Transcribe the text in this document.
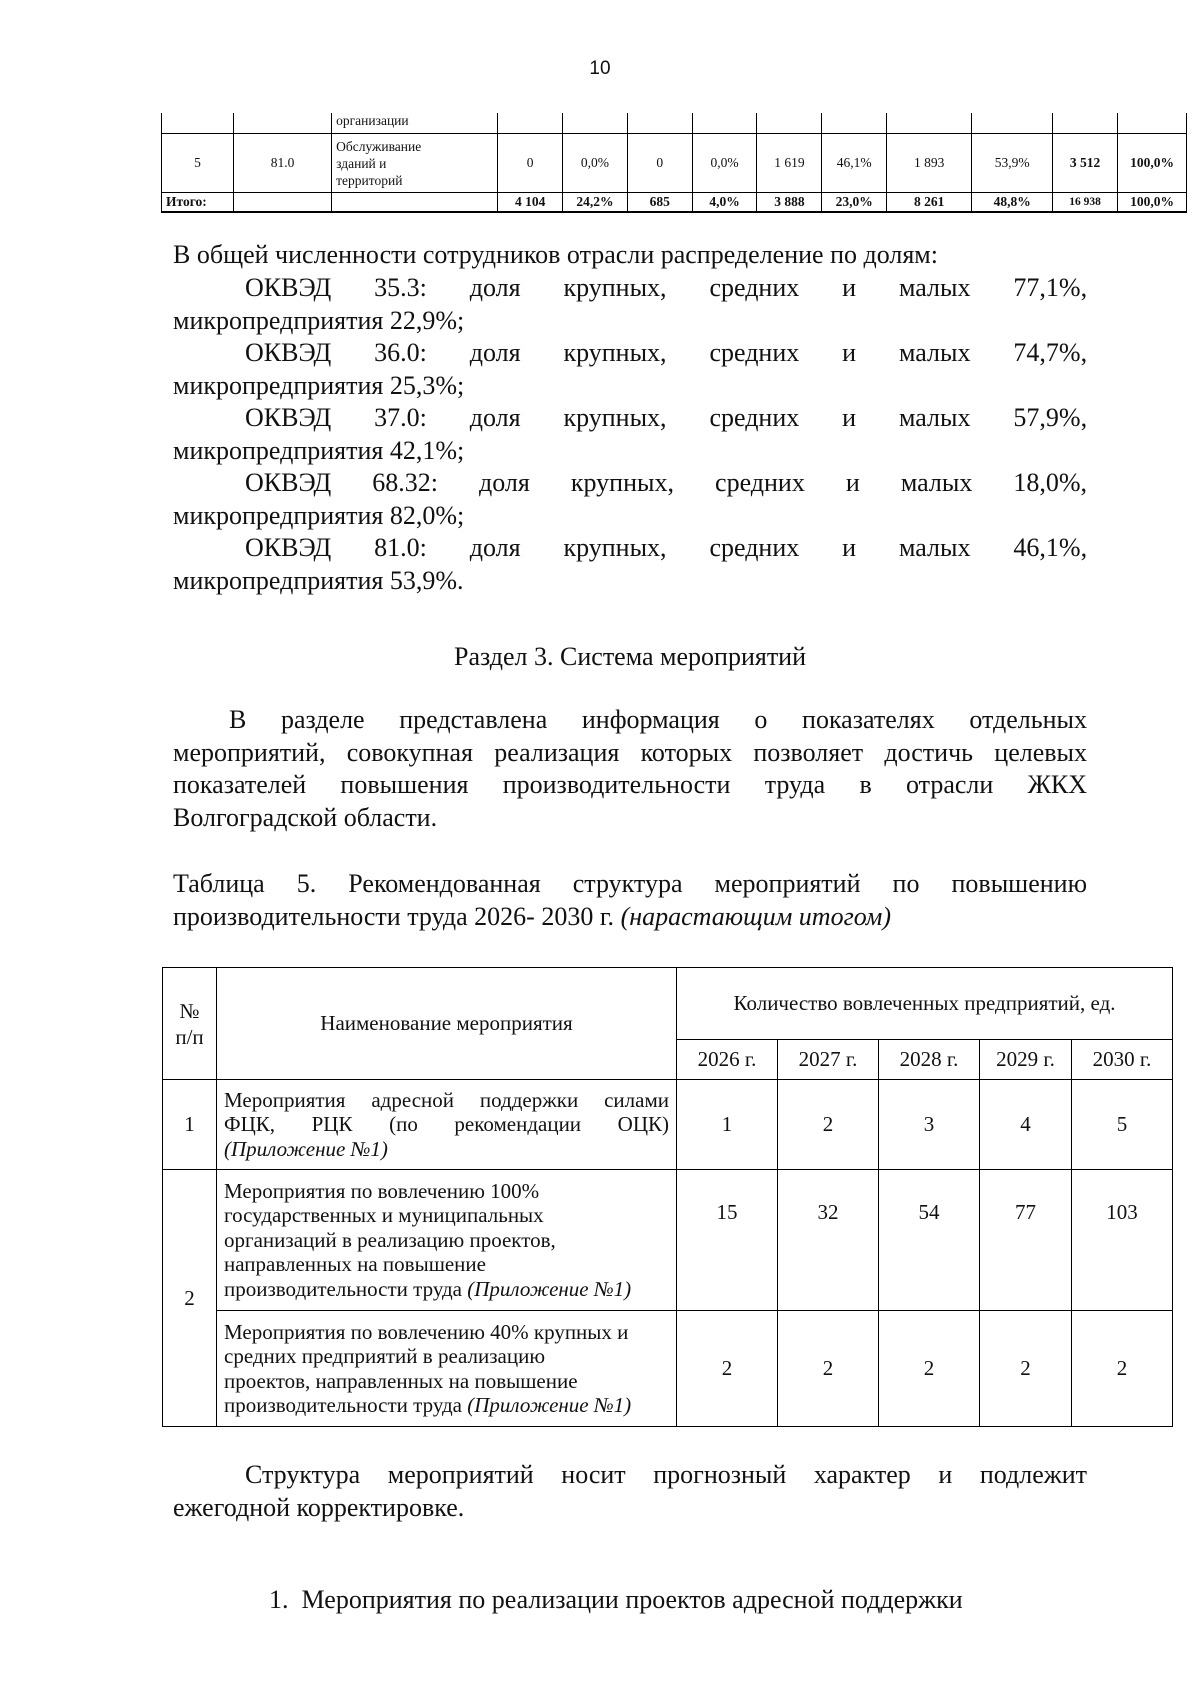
10
		организации										
5	81.0	Обслуживание
зданий и
территорий	0	0,0%	0	0,0%	1 619	46,1%	1 893	53,9%	3 512	100,0%
Итого:			4 104	24,2%	685	4,0%	3 888	23,0%	8 261	48,8%	16 938	100,0%
В общей численности сотрудников отрасли распределение по долям:
ОКВЭД 35.3: доля крупных, средних и малых 77,1%,
микропредприятия 22,9%;
ОКВЭД 36.0: доля крупных, средних и малых 74,7%,
микропредприятия 25,3%;
ОКВЭД 37.0: доля крупных, средних и малых 57,9%,
микропредприятия 42,1%;
ОКВЭД 68.32: доля крупных, средних и малых 18,0%,
микропредприятия 82,0%;
ОКВЭД 81.0: доля крупных, средних и малых 46,1%,
микропредприятия 53,9%.
Раздел 3. Система мероприятий
В разделе представлена информация о показателях отдельных
мероприятий, совокупная реализация которых позволяет достичь целевых
показателей повышения производительности труда в отрасли ЖКХ
Волгоградской области.
Таблица 5. Рекомендованная структура мероприятий по повышению
производительности труда 2026- 2030 г. (нарастающим итогом)
№
п/п	Наименование мероприятия	Количество вовлеченных предприятий, ед.				
		2026 г.	2027 г.	2028 г.	2029 г.	2030 г.
1	Мероприятия адресной поддержки силами
ФЦК, РЦК (по рекомендации ОЦК)
(Приложение №1)	1	2	3	4	5
2	Мероприятия по вовлечению 100%
государственных и муниципальных
организаций в реализацию проектов,
направленных на повышение
производительности труда (Приложение №1)	15	32	54	77	103
	Мероприятия по вовлечению 40% крупных и
средних предприятий в реализацию
проектов, направленных на повышение
производительности труда (Приложение №1)	2	2	2	2	2
Структура мероприятий носит прогнозный характер и подлежит
ежегодной корректировке.
1. Мероприятия по реализации проектов адресной поддержки
